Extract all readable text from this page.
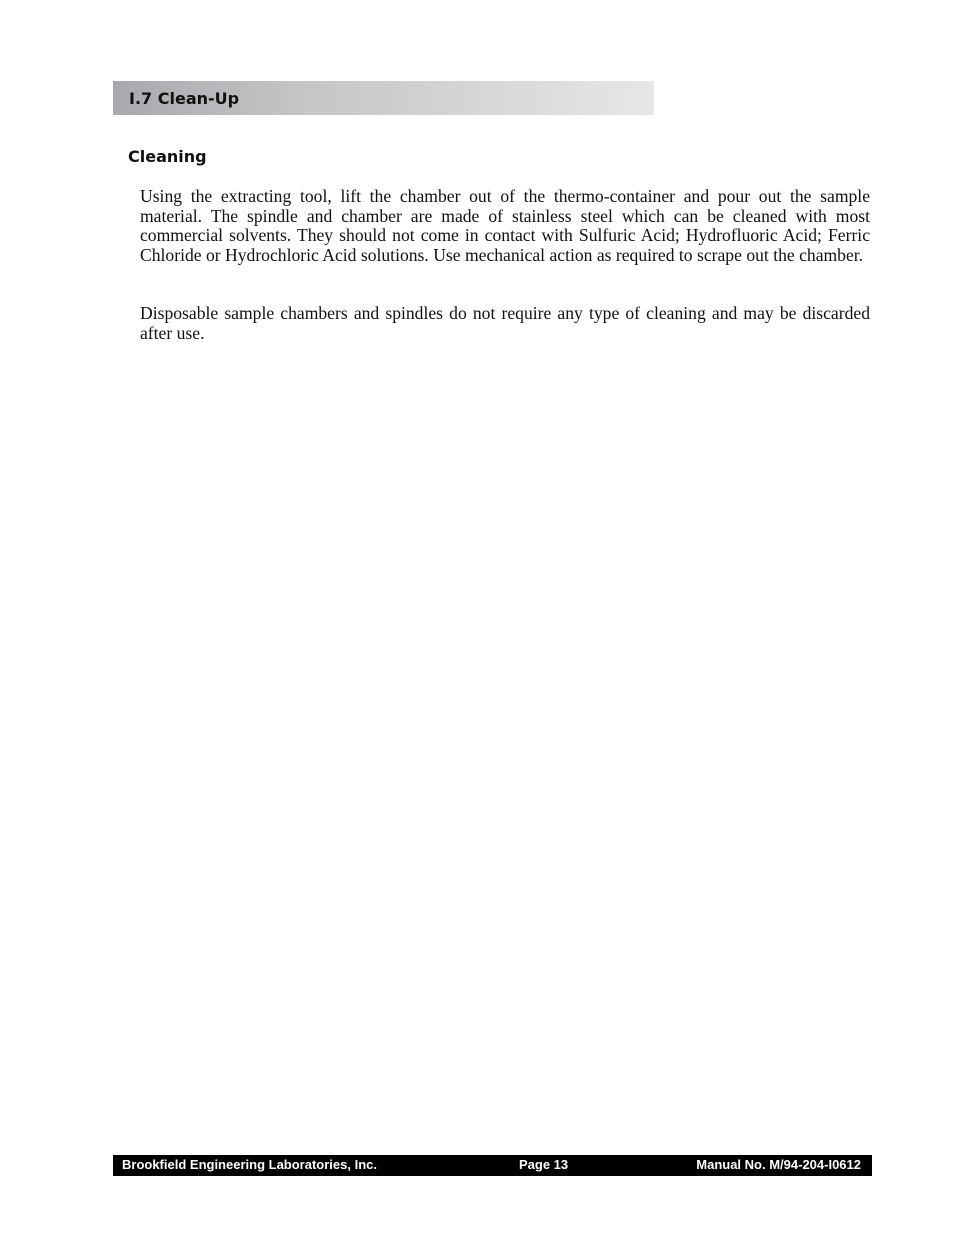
I.7 Clean-Up
Cleaning

Using the extracting tool, lift the chamber out of the thermo-container and pour out the sample material. The spindle and chamber are made of stainless steel which can be cleaned with most commercial solvents. They should not come in contact with Sulfuric Acid; Hydrofluoric Acid; Ferric Chloride or Hydrochloric Acid solutions. Use mechanical action as required to scrape out the chamber.

Disposable sample chambers and spindles do not require any type of cleaning and may be discarded after use.

Brookfield Engineering Laboratories, Inc.	Page 13	Manual No. M/94-204-I0612
